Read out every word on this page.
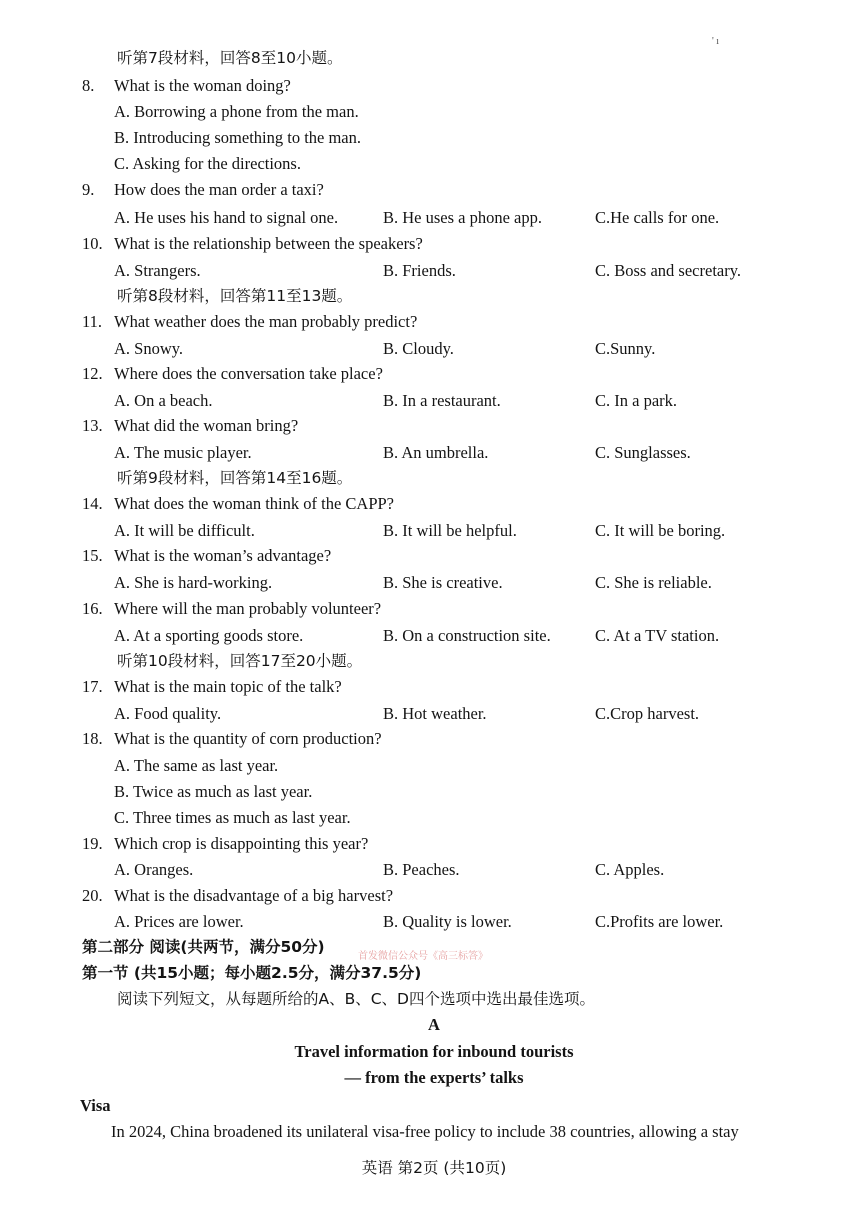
' ı
听第7段材料，回答8至10小题。
8. What is the woman doing?
A. Borrowing a phone from the man.
B. Introducing something to the man.
C. Asking for the directions.
9. How does the man order a taxi?
A. He uses his hand to signal one.	B. He uses a phone app.	C.He calls for one.
10. What is the relationship between the speakers?
A. Strangers.	B. Friends.	C. Boss and secretary.
听第8段材料，回答第11至13题。
11. What weather does the man probably predict?
A. Snowy.	B. Cloudy.	C.Sunny.
12. Where does the conversation take place?
A. On a beach.	B. In a restaurant.	C. In a park.
13. What did the woman bring?
A. The music player.	B. An umbrella.	C. Sunglasses.
听第9段材料，回答第14至16题。
14. What does the woman think of the CAPP?
A. It will be difficult.	B. It will be helpful.	C. It will be boring.
15. What is the woman’s advantage?
A. She is hard-working.	B. She is creative.	C. She is reliable.
16. Where will the man probably volunteer?
A. At a sporting goods store.	B. On a construction site.	C. At a TV station.
听第10段材料，回答17至20小题。
17. What is the main topic of the talk?
A. Food quality.	B. Hot weather.	C.Crop harvest.
18. What is the quantity of corn production?
A. The same as last year.
B. Twice as much as last year.
C. Three times as much as last year.
19. Which crop is disappointing this year?
A. Oranges.	B. Peaches.	C. Apples.
20. What is the disadvantage of a big harvest?
A. Prices are lower.	B. Quality is lower.	C.Profits are lower.
第二部分 阅读(共两节，满分50分)
首发微信公众号《高三标答》
第一节 (共15小题；每小题2.5分，满分37.5分)
阅读下列短文，从每题所给的A、B、C、D四个选项中选出最佳选项。
A
Travel information for inbound tourists
— from the experts’ talks
Visa
In 2024, China broadened its unilateral visa-free policy to include 38 countries, allowing a stay
英语 第2页 (共10页)
